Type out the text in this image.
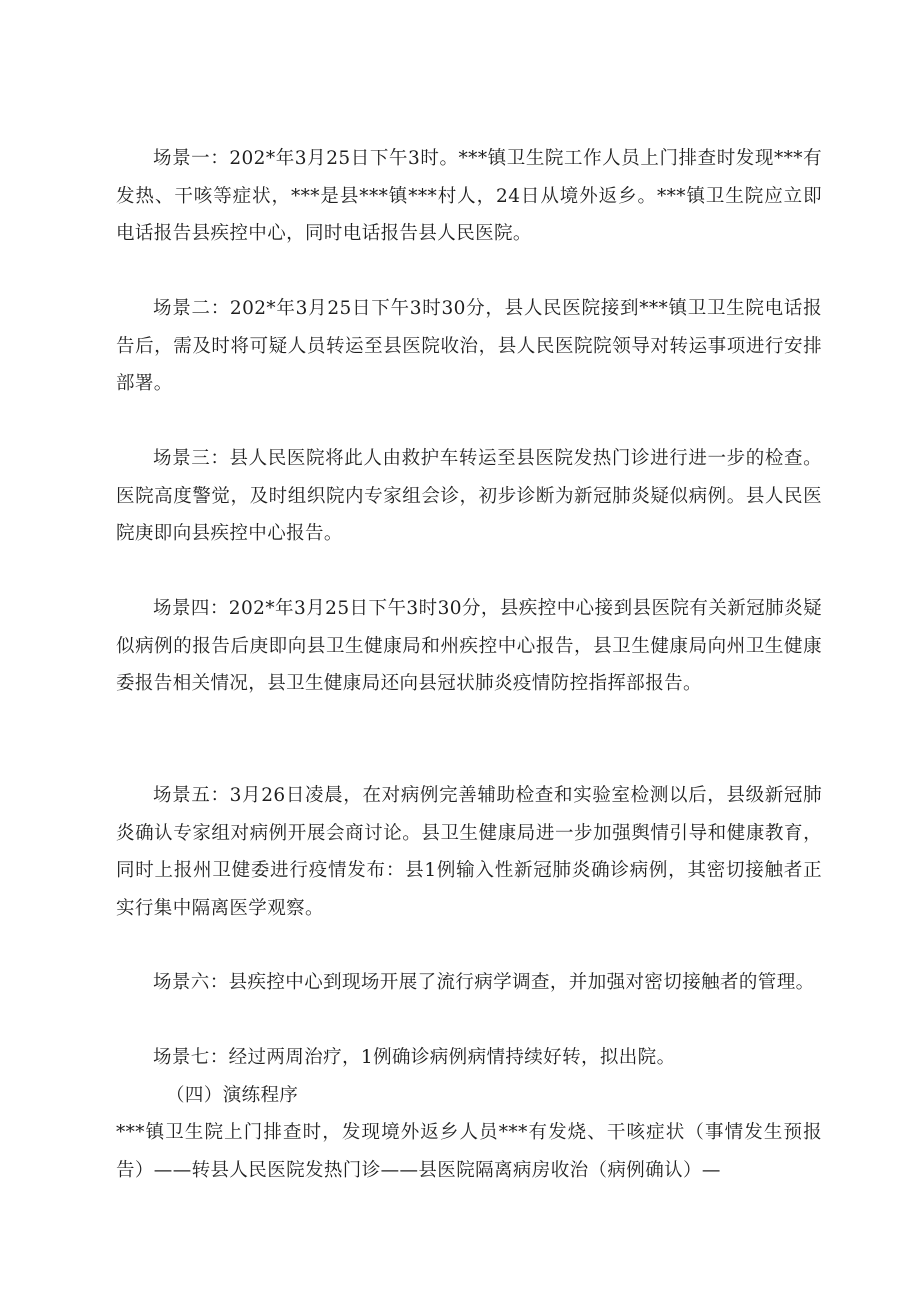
场景一：202*年3月25日下午3时。***镇卫生院工作人员上门排查时发现***有发热、干咳等症状，***是县***镇***村人，24日从境外返乡。***镇卫生院应立即电话报告县疾控中心，同时电话报告县人民医院。

场景二：202*年3月25日下午3时30分，县人民医院接到***镇卫卫生院电话报告后，需及时将可疑人员转运至县医院收治，县人民医院院领导对转运事项进行安排部署。

场景三：县人民医院将此人由救护车转运至县医院发热门诊进行进一步的检查。医院高度警觉，及时组织院内专家组会诊，初步诊断为新冠肺炎疑似病例。县人民医院庚即向县疾控中心报告。

场景四：202*年3月25日下午3时30分，县疾控中心接到县医院有关新冠肺炎疑似病例的报告后庚即向县卫生健康局和州疾控中心报告，县卫生健康局向州卫生健康委报告相关情况，县卫生健康局还向县冠状肺炎疫情防控指挥部报告。

场景五：3月26日凌晨，在对病例完善辅助检查和实验室检测以后，县级新冠肺炎确认专家组对病例开展会商讨论。县卫生健康局进一步加强舆情引导和健康教育，同时上报州卫健委进行疫情发布：县1例输入性新冠肺炎确诊病例，其密切接触者正实行集中隔离医学观察。

场景六：县疾控中心到现场开展了流行病学调查，并加强对密切接触者的管理。

场景七：经过两周治疗，1例确诊病例病情持续好转，拟出院。

（四）演练程序

***镇卫生院上门排查时，发现境外返乡人员***有发烧、干咳症状（事情发生预报告）——转县人民医院发热门诊——县医院隔离病房收治（病例确认）—
